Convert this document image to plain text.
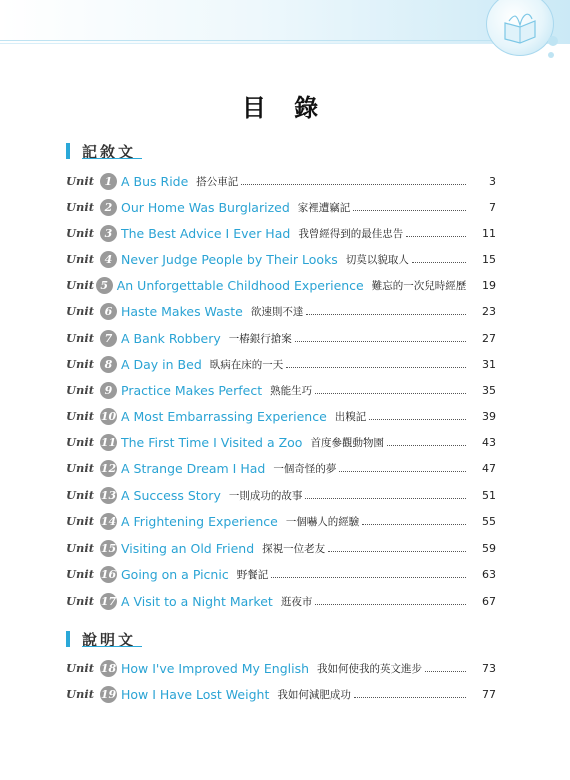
目 錄
記敘文
Unit 1 A Bus Ride 搭公車記	3
Unit 2 Our Home Was Burglarized 家裡遭竊記	7
Unit 3 The Best Advice I Ever Had 我曾經得到的最佳忠告	11
Unit 4 Never Judge People by Their Looks 切莫以貌取人	15
Unit 5 An Unforgettable Childhood Experience 難忘的一次兒時經歷	19
Unit 6 Haste Makes Waste 欲速則不達	23
Unit 7 A Bank Robbery 一樁銀行搶案	27
Unit 8 A Day in Bed 臥病在床的一天	31
Unit 9 Practice Makes Perfect 熟能生巧	35
Unit 10 A Most Embarrassing Experience 出糗記	39
Unit 11 The First Time I Visited a Zoo 首度參觀動物園	43
Unit 12 A Strange Dream I Had 一個奇怪的夢	47
Unit 13 A Success Story 一則成功的故事	51
Unit 14 A Frightening Experience 一個嚇人的經驗	55
Unit 15 Visiting an Old Friend 探視一位老友	59
Unit 16 Going on a Picnic 野餐記	63
Unit 17 A Visit to a Night Market 逛夜市	67
說明文
Unit 18 How I've Improved My English 我如何使我的英文進步	73
Unit 19 How I Have Lost Weight 我如何減肥成功	77
